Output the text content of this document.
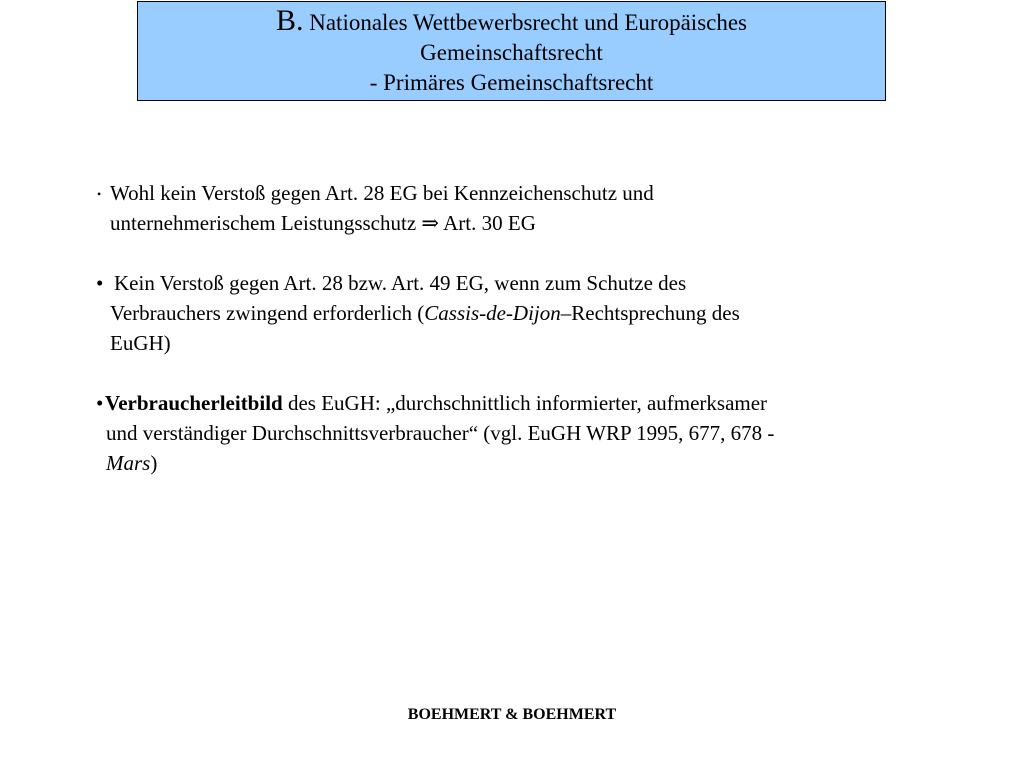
B. Nationales Wettbewerbsrecht und Europäisches
Gemeinschaftsrecht
- Primäres Gemeinschaftsrecht
• Wohl kein Verstoß gegen Art. 28 EG bei Kennzeichenschutz und
unternehmerischem Leistungsschutz ⇒ Art. 30 EG
• Kein Verstoß gegen Art. 28 bzw. Art. 49 EG, wenn zum Schutze des
Verbrauchers zwingend erforderlich (Cassis-de-Dijon–Rechtsprechung des
EuGH)
• Verbraucherleitbild des EuGH: „durchschnittlich informierter, aufmerksamer
und verständiger Durchschnittsverbraucher“ (vgl. EuGH WRP 1995, 677, 678 -
Mars)
BOEHMERT & BOEHMERT
